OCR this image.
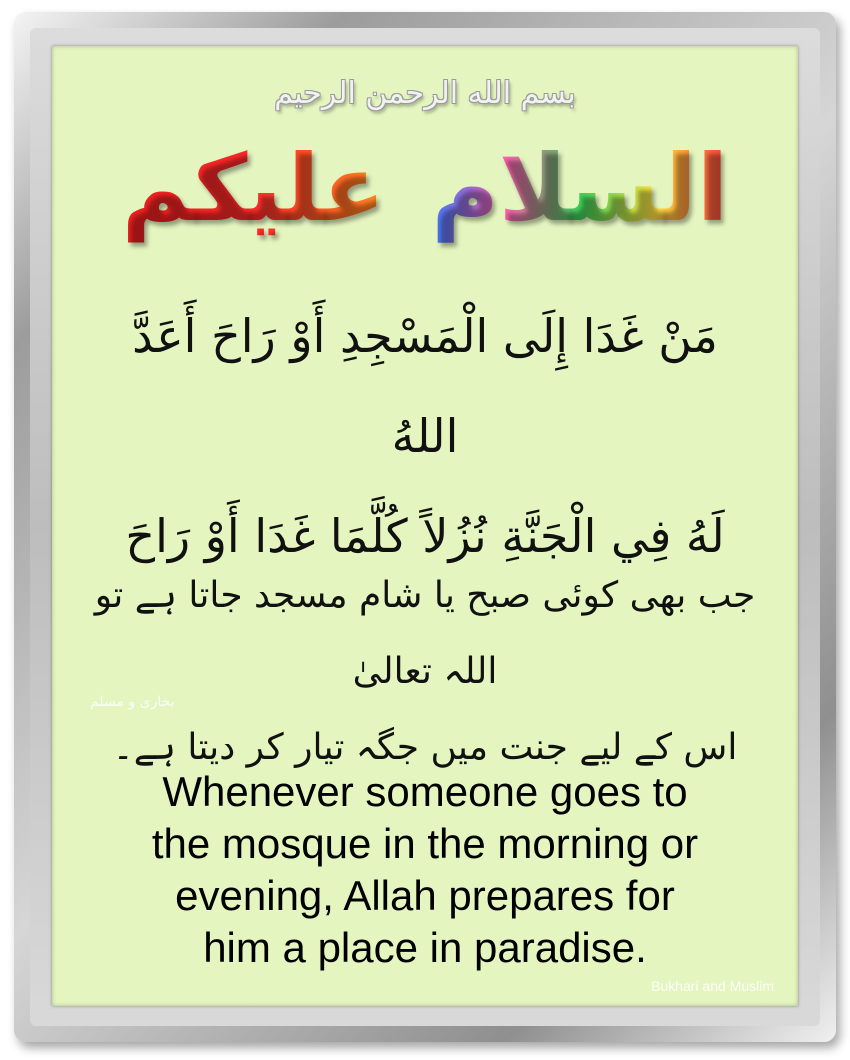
بسم الله الرحمن الرحيم
السلام علیکم
مَنْ غَدَا إِلَى الْمَسْجِدِ أَوْ رَاحَ أَعَدَّ اللهُ
لَهُ فِي الْجَنَّةِ نُزُلاً كُلَّمَا غَدَا أَوْ رَاحَ
جب بھی کوئی صبح یا شام مسجد جاتا ہے تو اللہ تعالیٰ
اس کے لیے جنت میں جگہ تیار کر دیتا ہے۔
بخاری و مسلم
Whenever someone goes to
the mosque in the morning or
evening, Allah prepares for
him a place in paradise.
Bukhari and Muslim
